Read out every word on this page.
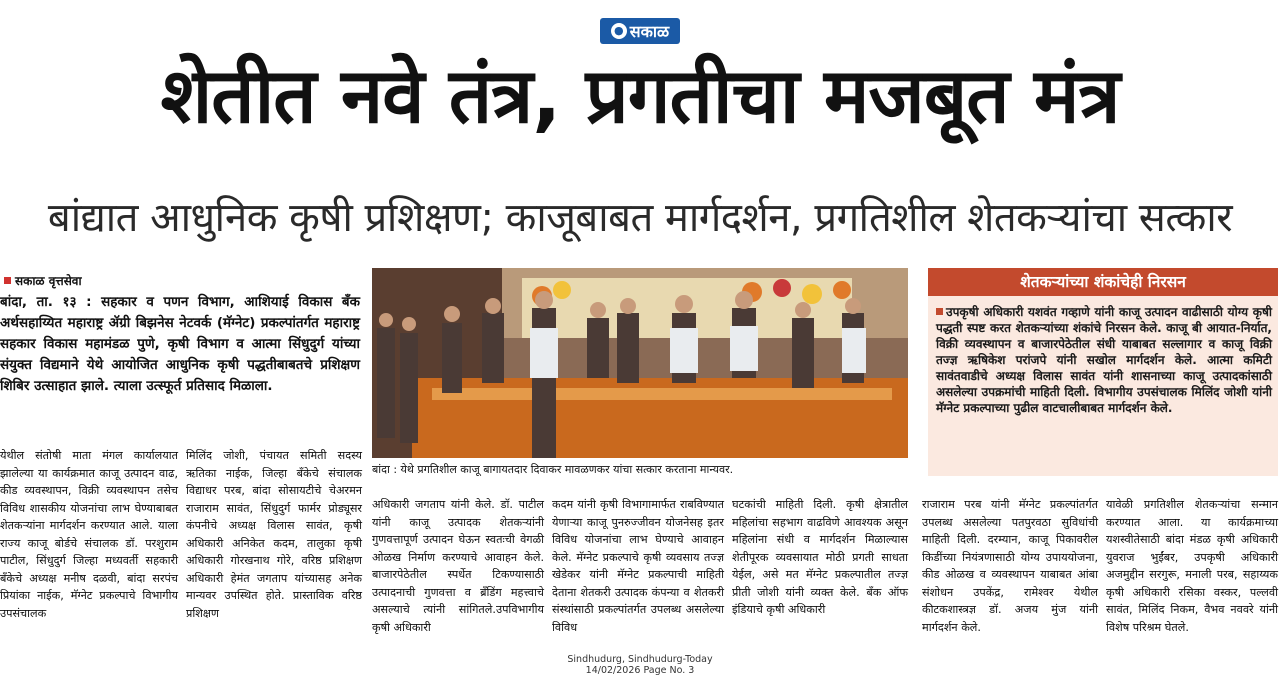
● सकाळ
शेतीत नवे तंत्र, प्रगतीचा मजबूत मंत्र
बांद्यात आधुनिक कृषी प्रशिक्षण; काजूबाबत मार्गदर्शन, प्रगतिशील शेतकऱ्यांचा सत्कार
सकाळ वृत्तसेवा
बांदा, ता. १३ : सहकार व पणन विभाग, आशियाई विकास बँक अर्थसहाय्यित महाराष्ट्र ॲग्री बिझनेस नेटवर्क (मॅग्नेट) प्रकल्पांतर्गत महाराष्ट्र सहकार विकास महामंडळ पुणे, कृषी विभाग व आत्मा सिंधुदुर्ग यांच्या संयुक्त विद्यमाने येथे आयोजित आधुनिक कृषी पद्धतीबाबतचे प्रशिक्षण शिबिर उत्साहात झाले. त्याला उत्स्फूर्त प्रतिसाद मिळाला.
येथील संतोषी माता मंगल कार्यालयात झालेल्या या कार्यक्रमात काजू उत्पादन वाढ, कीड व्यवस्थापन, विक्री व्यवस्थापन तसेच विविध शासकीय योजनांचा लाभ घेण्याबाबत शेतकऱ्यांना मार्गदर्शन करण्यात आले. याला राज्य काजू बोर्डचे संचालक डॉ. परशुराम पाटील, सिंधुदुर्ग जिल्हा मध्यवर्ती सहकारी बँकेचे अध्यक्ष मनीष दळवी, बांदा सरपंच प्रियांका नाईक, मॅग्नेट प्रकल्पाचे विभागीय उपसंचालक
मिलिंद जोशी, पंचायत समिती सदस्य ऋतिका नाईक, जिल्हा बँकेचे संचालक विद्याधर परब, बांदा सोसायटीचे चेअरमन राजाराम सावंत, सिंधुदुर्ग फार्मर प्रोड्यूसर कंपनीचे अध्यक्ष विलास सावंत, कृषी अधिकारी अनिकेत कदम, तालुका कृषी अधिकारी गोरखनाथ गोरे, वरिष्ठ प्रशिक्षण अधिकारी हेमंत जगताप यांच्यासह अनेक मान्यवर उपस्थित होते. प्रास्ताविक वरिष्ठ प्रशिक्षण
अधिकारी जगताप यांनी केले. डॉ. पाटील यांनी काजू उत्पादक शेतकऱ्यांनी गुणवत्तापूर्ण उत्पादन घेऊन स्वतःची वेगळी ओळख निर्माण करण्याचे आवाहन केले. बाजारपेठेतील स्पर्धेत टिकण्यासाठी उत्पादनाची गुणवत्ता व ब्रँडिंग महत्त्वाचे असल्याचे त्यांनी सांगितले.उपविभागीय कृषी अधिकारी
कदम यांनी कृषी विभागामार्फत राबविण्यात येणाऱ्या काजू पुनरुज्जीवन योजनेसह इतर विविध योजनांचा लाभ घेण्याचे आवाहन केले. मॅग्नेट प्रकल्पाचे कृषी व्यवसाय तज्ज्ञ खेडेकर यांनी मॅग्नेट प्रकल्पाची माहिती देताना शेतकरी उत्पादक कंपन्या व शेतकरी संस्थांसाठी प्रकल्पांतर्गत उपलब्ध असलेल्या विविध
घटकांची माहिती दिली. कृषी क्षेत्रातील महिलांचा सहभाग वाढविणे आवश्यक असून महिलांना संधी व मार्गदर्शन मिळाल्यास शेतीपूरक व्यवसायात मोठी प्रगती साधता येईल, असे मत मॅग्नेट प्रकल्पातील तज्ज्ञ प्रीती जोशी यांनी व्यक्त केले. बँक ऑफ इंडियाचे कृषी अधिकारी
राजाराम परब यांनी मॅग्नेट प्रकल्पांतर्गत उपलब्ध असलेल्या पतपुरवठा सुविधांची माहिती दिली. दरम्यान, काजू पिकावरील किडींच्या नियंत्रणासाठी योग्य उपाययोजना, कीड ओळख व व्यवस्थापन याबाबत आंबा संशोधन उपकेंद्र, रामेश्वर येथील कीटकशास्त्रज्ञ डॉ. अजय मुंज यांनी मार्गदर्शन केले.
यावेळी प्रगतिशील शेतकऱ्यांचा सन्मान करण्यात आला. या कार्यक्रमाच्या यशस्वीतेसाठी बांदा मंडळ कृषी अधिकारी युवराज भुईंबर, उपकृषी अधिकारी अजमुद्दीन सरगुरू, मनाली परब, सहाय्यक कृषी अधिकारी रसिका वस्कर, पल्लवी सावंत, मिलिंद निकम, वैभव नववरे यांनी विशेष परिश्रम घेतले.
बांदा : येथे प्रगतिशील काजू बागायतदार दिवाकर मावळणकर यांचा सत्कार करताना मान्यवर.
शेतकऱ्यांच्या शंकांचेही निरसन
उपकृषी अधिकारी यशवंत गव्हाणे यांनी काजू उत्पादन वाढीसाठी योग्य कृषी पद्धती स्पष्ट करत शेतकऱ्यांच्या शंकांचे निरसन केले. काजू बी आयात-निर्यात, विक्री व्यवस्थापन व बाजारपेठेतील संधी याबाबत सल्लागार व काजू विक्री तज्ज्ञ ऋषिकेश परांजपे यांनी सखोल मार्गदर्शन केले. आत्मा कमिटी सावंतवाडीचे अध्यक्ष विलास सावंत यांनी शासनाच्या काजू उत्पादकांसाठी असलेल्या उपक्रमांची माहिती दिली. विभागीय उपसंचालक मिलिंद जोशी यांनी मॅग्नेट प्रकल्पाच्या पुढील वाटचालीबाबत मार्गदर्शन केले.
Sindhudurg, Sindhudurg-Today
14/02/2026 Page No. 3
